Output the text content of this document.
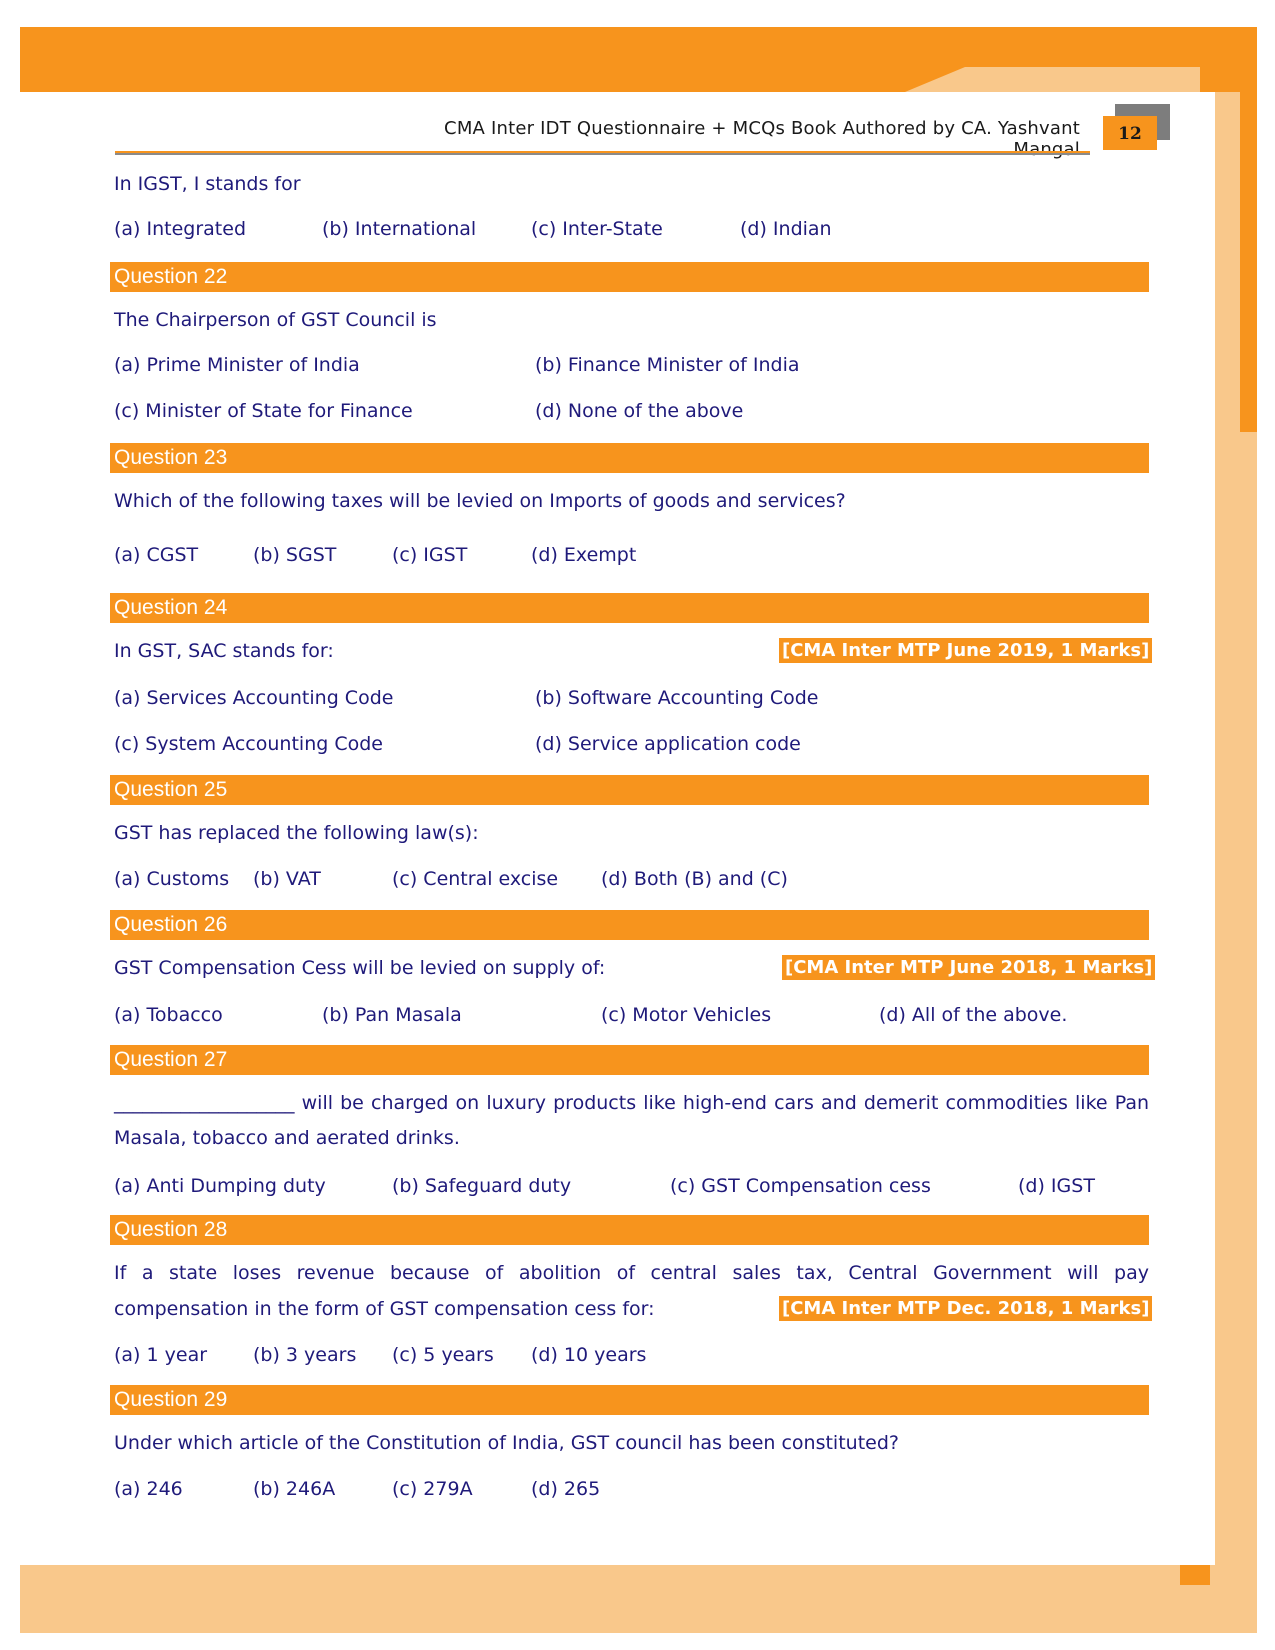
CMA Inter IDT Questionnaire + MCQs Book Authored by CA. Yashvant Mangal
12
In IGST, I stands for
(a) Integrated	(b) International	(c) Inter-State	(d) Indian
Question 22
The Chairperson of GST Council is
(a) Prime Minister of India	(b) Finance Minister of India
(c) Minister of State for Finance	(d) None of the above
Question 23
Which of the following taxes will be levied on Imports of goods and services?
(a) CGST	(b) SGST	(c) IGST	(d) Exempt
Question 24
In GST, SAC stands for:	[CMA Inter MTP June 2019, 1 Marks]
(a) Services Accounting Code	(b) Software Accounting Code
(c) System Accounting Code	(d) Service application code
Question 25
GST has replaced the following law(s):
(a) Customs (b) VAT	(c) Central excise (d) Both (B) and (C)
Question 26
GST Compensation Cess will be levied on supply of:	[CMA Inter MTP June 2018, 1 Marks]
(a) Tobacco	(b) Pan Masala	(c) Motor Vehicles	(d) All of the above.
Question 27
___________________ will be charged on luxury products like high-end cars and demerit commodities like Pan Masala, tobacco and aerated drinks.
(a) Anti Dumping duty	(b) Safeguard duty	(c) GST Compensation cess	(d) IGST
Question 28
If a state loses revenue because of abolition of central sales tax, Central Government will pay
compensation in the form of GST compensation cess for:	[CMA Inter MTP Dec. 2018, 1 Marks]
(a) 1 year (b) 3 years (c) 5 years (d) 10 years
Question 29
Under which article of the Constitution of India, GST council has been constituted?
(a) 246	(b) 246A	(c) 279A	(d) 265
